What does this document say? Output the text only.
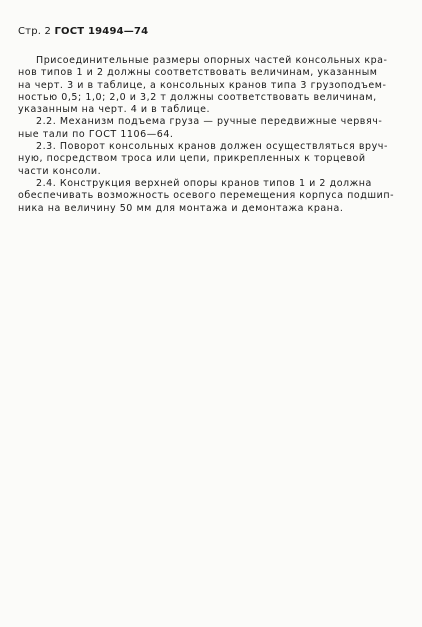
Стр. 2 ГОСТ 19494—74

Присоединительные размеры опорных частей консольных кра-
нов типов 1 и 2 должны соответствовать величинам, указанным
на черт. 3 и в таблице, а консольных кранов типа 3 грузоподъем-
ностью 0,5; 1,0; 2,0 и 3,2 т должны соответствовать величинам,
указанным на черт. 4 и в таблице.

2.2. Механизм подъема груза — ручные передвижные червяч-
ные тали по ГОСТ 1106—64.

2.3. Поворот консольных кранов должен осуществляться вруч-
ную, посредством троса или цепи, прикрепленных к торцевой
части консоли.

2.4. Конструкция верхней опоры кранов типов 1 и 2 должна
обеспечивать возможность осевого перемещения корпуса подшип-
ника на величину 50 мм для монтажа и демонтажа крана.
